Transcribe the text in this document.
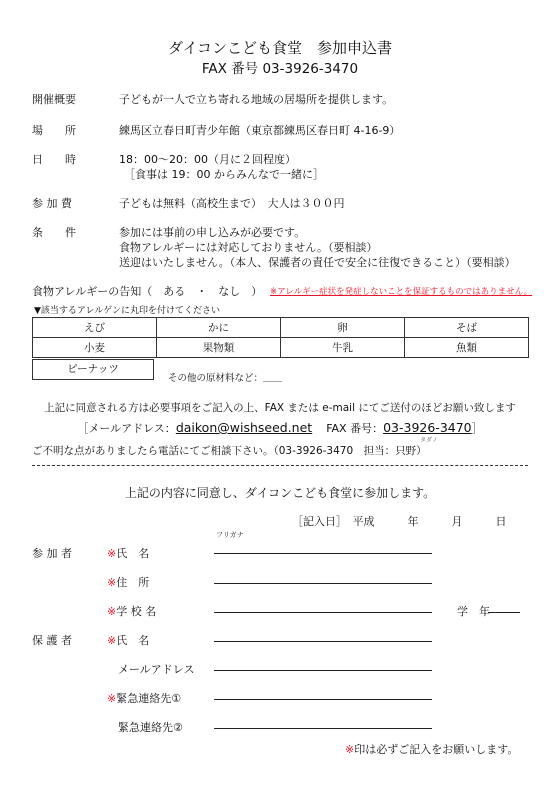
ダイコンこども食堂　参加申込書
FAX 番号 03-3926-3470
開催概要	子どもが一人で立ち寄れる地域の居場所を提供します。
場　　所	練馬区立春日町青少年館（東京都練馬区春日町 4-16-9）
日　　時	18：00～20：00（月に２回程度）
［食事は 19：00 からみんなで一緒に］
参 加 費	子どもは無料（高校生まで）　大人は３００円
条　　件	参加には事前の申し込みが必要です。
食物アレルギーには対応しておりません。（要相談）
送迎はいたしません。（本人、保護者の責任で安全に往復できること）（要相談）
食物アレルギーの告知（　ある　・　なし　） ※アレルギー症状を発症しないことを保証するものではありません。
▼該当するアレルゲンに丸印を付けてください
えび	かに	卵	そば
小麦	果物類	牛乳	魚類
ピーナッツ
その他の原材料など：＿＿
上記に同意される方は必要事項をご記入の上、FAX または e-mail にてご送付のほどお願い致します
［メールアドレス：daikon@wishseed.net FAX 番号：03-3926-3470］
タダノ
ご不明な点がありましたら電話にてご相談下さい。（03-3926-3470　担当：只野）
上記の内容に同意し、ダイコンこども食堂に参加します。
［記入日］　平成　　　年　　　月　　　日
フリガナ
参 加 者	※氏　名
※住　所
※学 校 名	学　年
保 護 者	※氏　名
メールアドレス
※緊急連絡先①
緊急連絡先②
※印は必ずご記入をお願いします。
